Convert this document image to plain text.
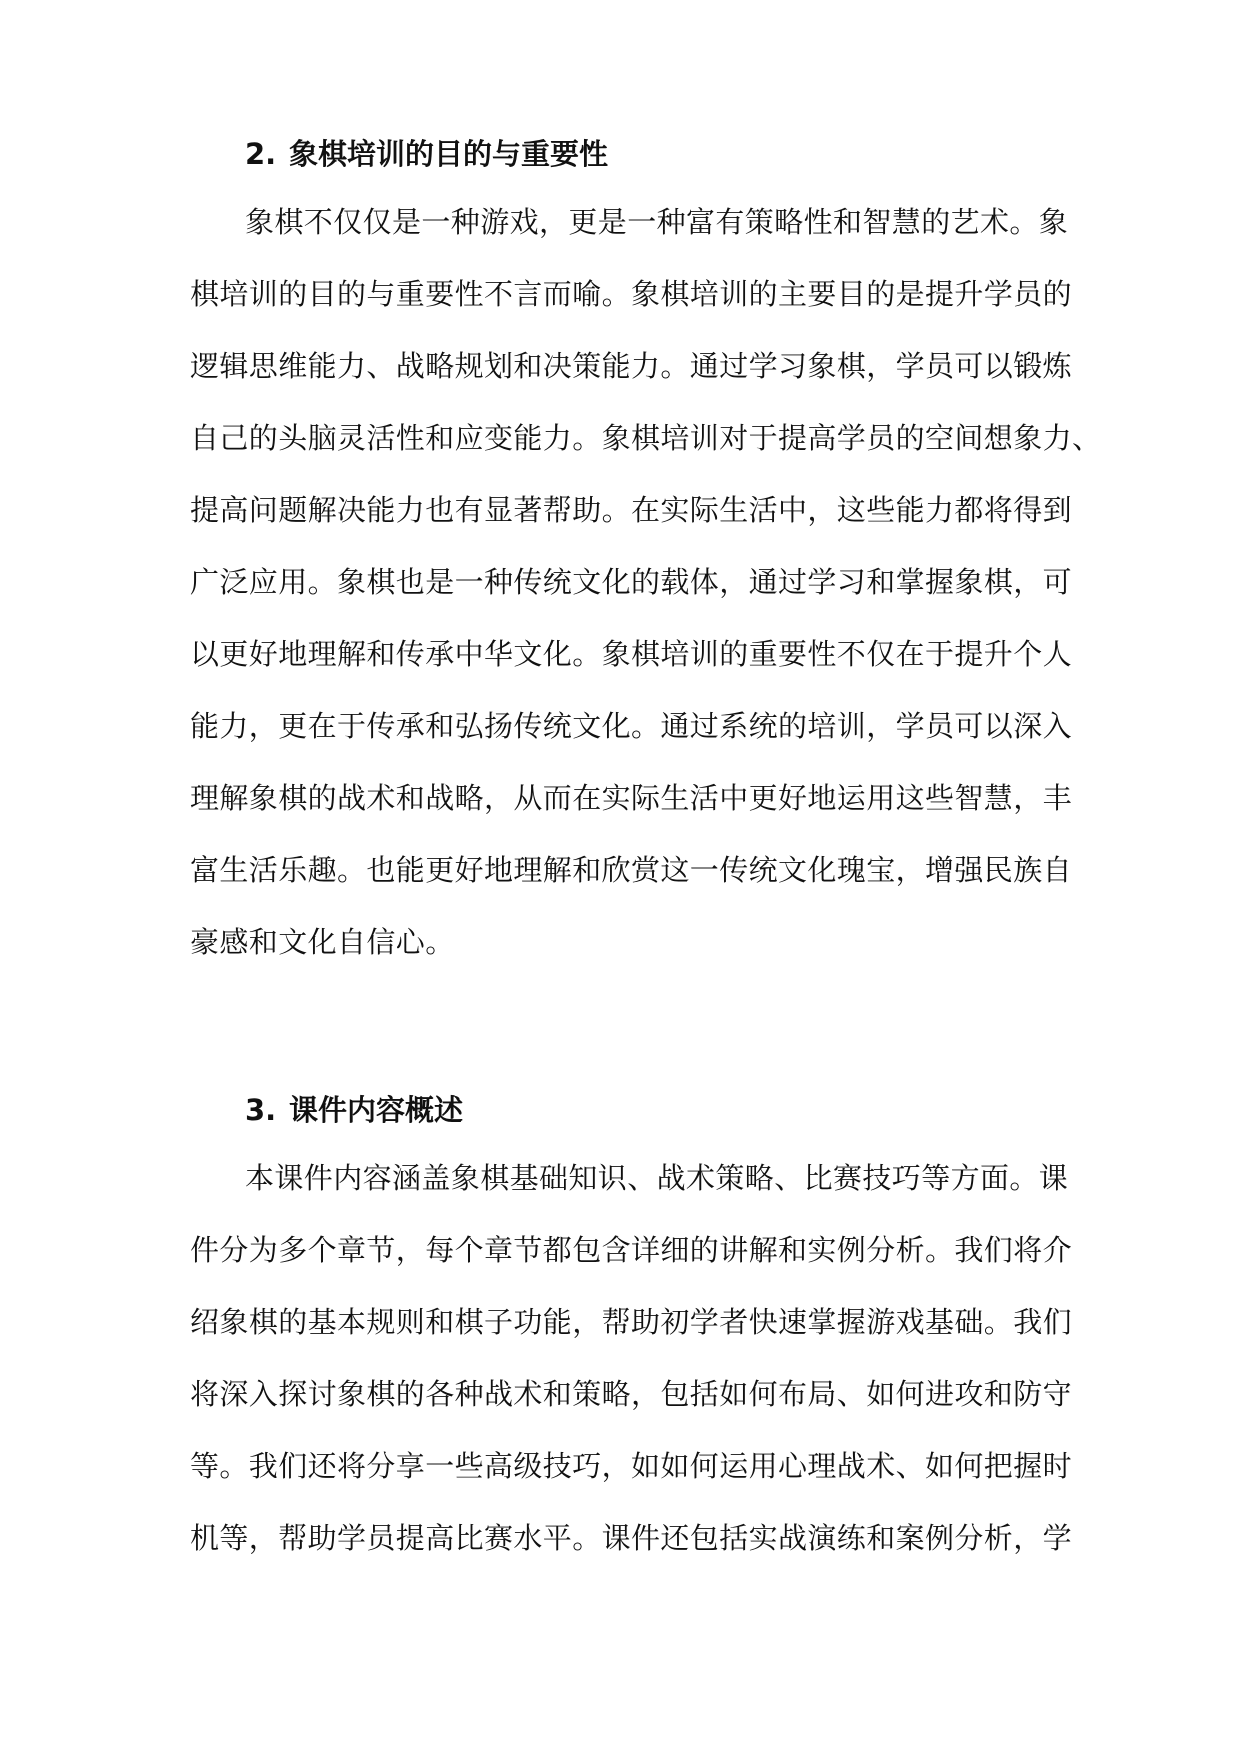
2. 象棋培训的目的与重要性
象棋不仅仅是一种游戏，更是一种富有策略性和智慧的艺术。象
棋培训的目的与重要性不言而喻。象棋培训的主要目的是提升学员的
逻辑思维能力、战略规划和决策能力。通过学习象棋，学员可以锻炼
自己的头脑灵活性和应变能力。象棋培训对于提高学员的空间想象力、
提高问题解决能力也有显著帮助。在实际生活中，这些能力都将得到
广泛应用。象棋也是一种传统文化的载体，通过学习和掌握象棋，可
以更好地理解和传承中华文化。象棋培训的重要性不仅在于提升个人
能力，更在于传承和弘扬传统文化。通过系统的培训，学员可以深入
理解象棋的战术和战略，从而在实际生活中更好地运用这些智慧，丰
富生活乐趣。也能更好地理解和欣赏这一传统文化瑰宝，增强民族自
豪感和文化自信心。
3. 课件内容概述
本课件内容涵盖象棋基础知识、战术策略、比赛技巧等方面。课
件分为多个章节，每个章节都包含详细的讲解和实例分析。我们将介
绍象棋的基本规则和棋子功能，帮助初学者快速掌握游戏基础。我们
将深入探讨象棋的各种战术和策略，包括如何布局、如何进攻和防守
等。我们还将分享一些高级技巧，如如何运用心理战术、如何把握时
机等，帮助学员提高比赛水平。课件还包括实战演练和案例分析，学
